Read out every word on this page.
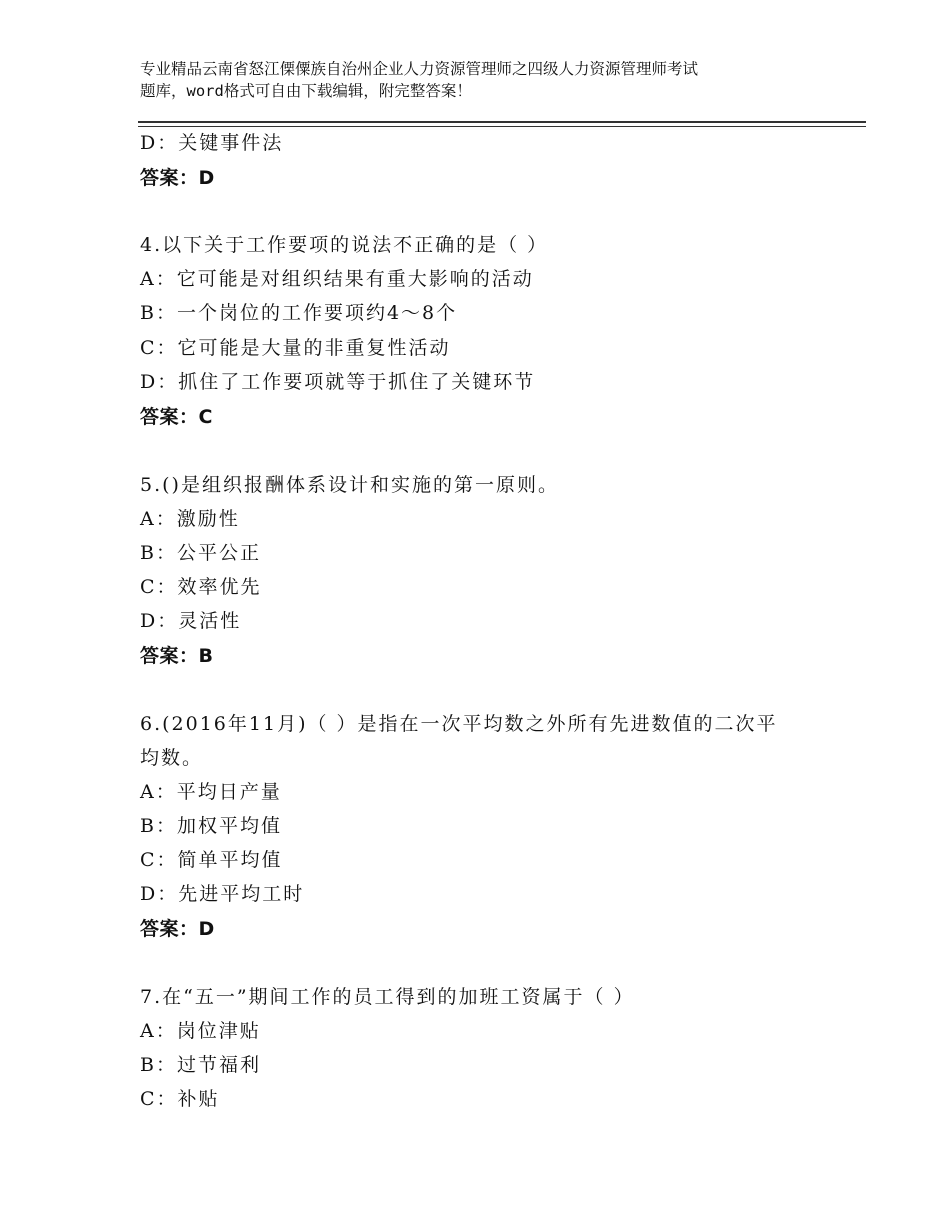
专业精品云南省怒江傈僳族自治州企业人力资源管理师之四级人力资源管理师考试
题库，word格式可自由下载编辑，附完整答案！
D：关键事件法
答案：D
4.以下关于工作要项的说法不正确的是（ ）
A：它可能是对组织结果有重大影响的活动
B：一个岗位的工作要项约4～8个
C：它可能是大量的非重复性活动
D：抓住了工作要项就等于抓住了关键环节
答案：C
5.()是组织报酬体系设计和实施的第一原则。
A：激励性
B：公平公正
C：效率优先
D：灵活性
答案：B
6.(2016年11月)（ ）是指在一次平均数之外所有先进数值的二次平
均数。
A：平均日产量
B：加权平均值
C：简单平均值
D：先进平均工时
答案：D
7.在“五一”期间工作的员工得到的加班工资属于（ ）
A：岗位津贴
B：过节福利
C：补贴
